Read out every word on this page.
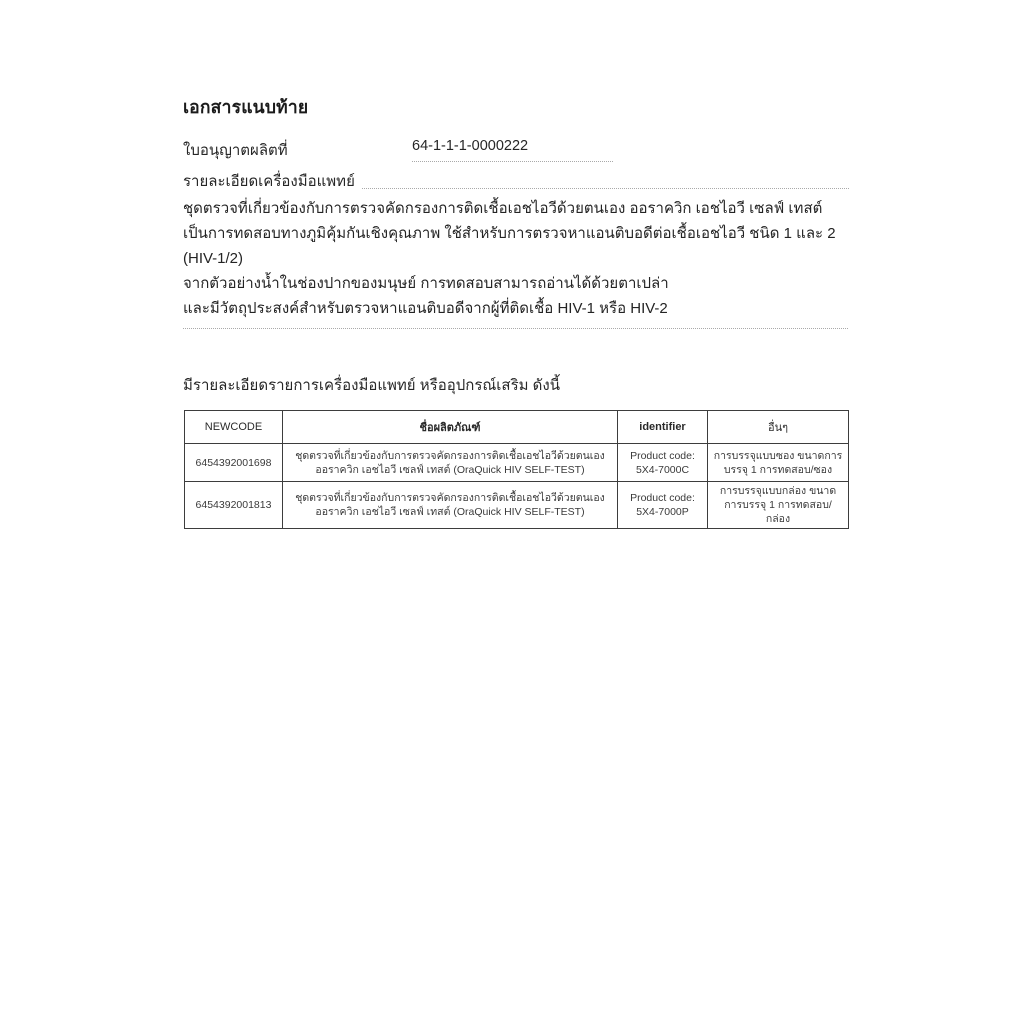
เอกสารแนบท้าย
ใบอนุญาตผลิตที่	64-1-1-1-0000222
รายละเอียดเครื่องมือแพทย์
ชุดตรวจที่เกี่ยวข้องกับการตรวจคัดกรองการติดเชื้อเอชไอวีด้วยตนเอง ออราควิก เอชไอวี เซลฟ์ เทสต์
เป็นการทดสอบทางภูมิคุ้มกันเชิงคุณภาพ ใช้สำหรับการตรวจหาแอนติบอดีต่อเชื้อเอชไอวี ชนิด 1 และ 2 (HIV-1/2)
จากตัวอย่างน้ำในช่องปากของมนุษย์ การทดสอบสามารถอ่านได้ด้วยตาเปล่า
และมีวัตถุประสงค์สำหรับตรวจหาแอนติบอดีจากผู้ที่ติดเชื้อ HIV-1 หรือ HIV-2
มีรายละเอียดรายการเครื่องมือแพทย์ หรืออุปกรณ์เสริม ดังนี้
NEWCODE	ชื่อผลิตภัณฑ์	identifier	อื่นๆ
6454392001698	ชุดตรวจที่เกี่ยวข้องกับการตรวจคัดกรองการติดเชื้อเอชไอวีด้วยตนเอง ออราควิก เอชไอวี เซลฟ์ เทสต์ (OraQuick HIV SELF-TEST)	Product code: 5X4-7000C	การบรรจุแบบซอง ขนาดการบรรจุ 1 การทดสอบ/ซอง
6454392001813	ชุดตรวจที่เกี่ยวข้องกับการตรวจคัดกรองการติดเชื้อเอชไอวีด้วยตนเอง ออราควิก เอชไอวี เซลฟ์ เทสต์ (OraQuick HIV SELF-TEST)	Product code: 5X4-7000P	การบรรจุแบบกล่อง ขนาดการบรรจุ 1 การทดสอบ/กล่อง
